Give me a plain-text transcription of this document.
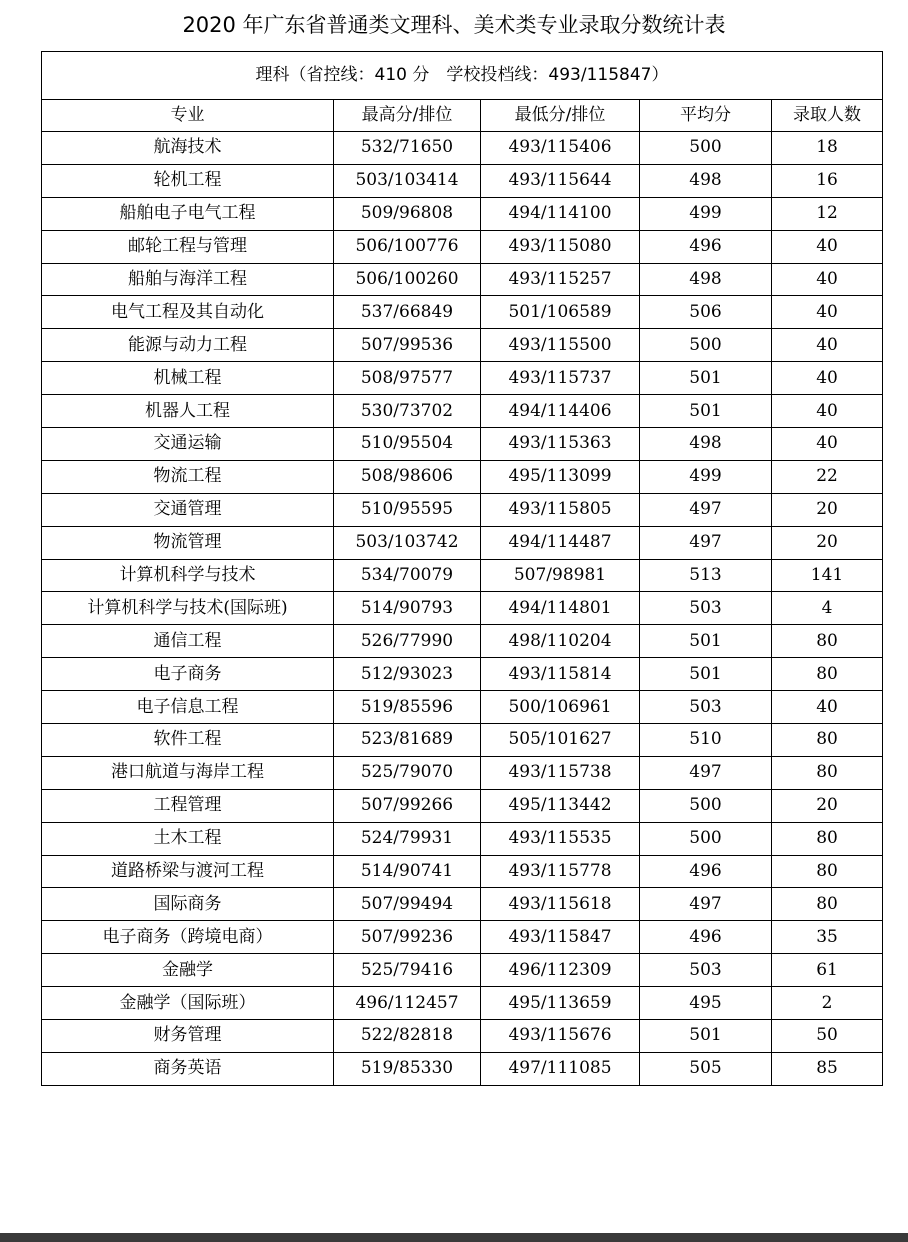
2020 年广东省普通类文理科、美术类专业录取分数统计表
理科（省控线：410 分　学校投档线：493/115847）				
专业	最高分/排位	最低分/排位	平均分	录取人数
航海技术	532/71650	493/115406	500	18
轮机工程	503/103414	493/115644	498	16
船舶电子电气工程	509/96808	494/114100	499	12
邮轮工程与管理	506/100776	493/115080	496	40
船舶与海洋工程	506/100260	493/115257	498	40
电气工程及其自动化	537/66849	501/106589	506	40
能源与动力工程	507/99536	493/115500	500	40
机械工程	508/97577	493/115737	501	40
机器人工程	530/73702	494/114406	501	40
交通运输	510/95504	493/115363	498	40
物流工程	508/98606	495/113099	499	22
交通管理	510/95595	493/115805	497	20
物流管理	503/103742	494/114487	497	20
计算机科学与技术	534/70079	507/98981	513	141
计算机科学与技术(国际班)	514/90793	494/114801	503	4
通信工程	526/77990	498/110204	501	80
电子商务	512/93023	493/115814	501	80
电子信息工程	519/85596	500/106961	503	40
软件工程	523/81689	505/101627	510	80
港口航道与海岸工程	525/79070	493/115738	497	80
工程管理	507/99266	495/113442	500	20
土木工程	524/79931	493/115535	500	80
道路桥梁与渡河工程	514/90741	493/115778	496	80
国际商务	507/99494	493/115618	497	80
电子商务（跨境电商）	507/99236	493/115847	496	35
金融学	525/79416	496/112309	503	61
金融学（国际班）	496/112457	495/113659	495	2
财务管理	522/82818	493/115676	501	50
商务英语	519/85330	497/111085	505	85
